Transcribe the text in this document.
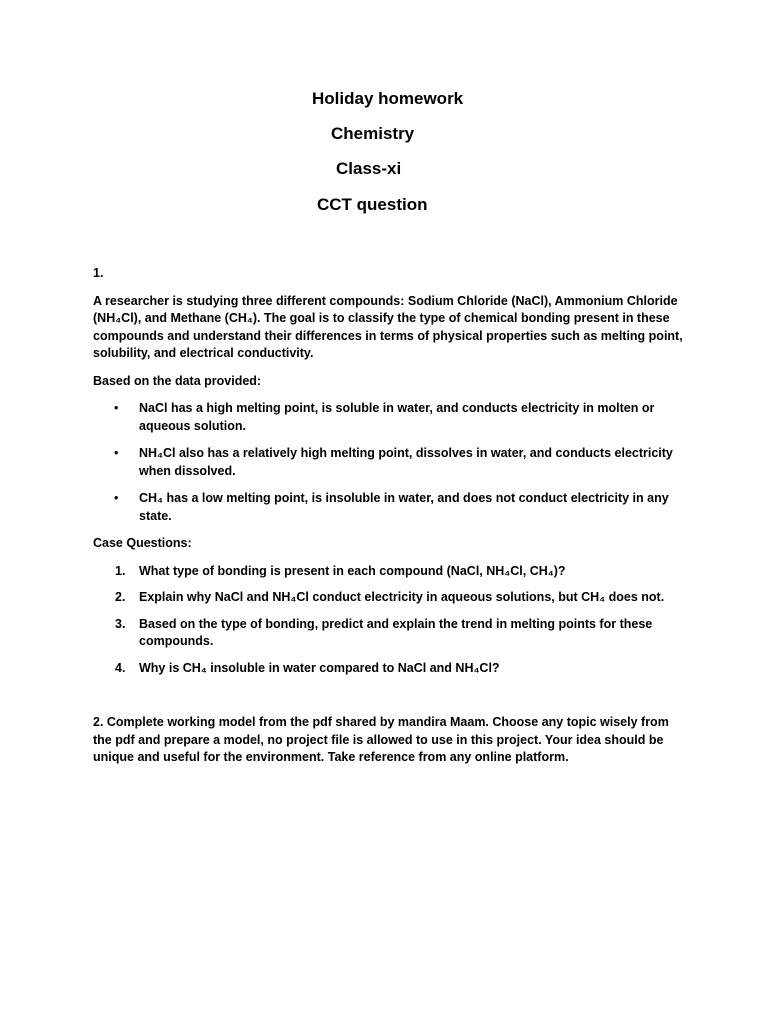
Holiday homework
Chemistry
Class-xi
CCT question

1.

A researcher is studying three different compounds: Sodium Chloride (NaCl), Ammonium Chloride (NH₄Cl), and Methane (CH₄). The goal is to classify the type of chemical bonding present in these compounds and understand their differences in terms of physical properties such as melting point, solubility, and electrical conductivity.

Based on the data provided:

• NaCl has a high melting point, is soluble in water, and conducts electricity in molten or aqueous solution.
• NH₄Cl also has a relatively high melting point, dissolves in water, and conducts electricity when dissolved.
• CH₄ has a low melting point, is insoluble in water, and does not conduct electricity in any state.

Case Questions:

1. What type of bonding is present in each compound (NaCl, NH₄Cl, CH₄)?
2. Explain why NaCl and NH₄Cl conduct electricity in aqueous solutions, but CH₄ does not.
3. Based on the type of bonding, predict and explain the trend in melting points for these compounds.
4. Why is CH₄ insoluble in water compared to NaCl and NH₄Cl?

2. Complete working model from the pdf shared by mandira Maam. Choose any topic wisely from the pdf and prepare a model, no project file is allowed to use in this project. Your idea should be unique and useful for the environment. Take reference from any online platform.
